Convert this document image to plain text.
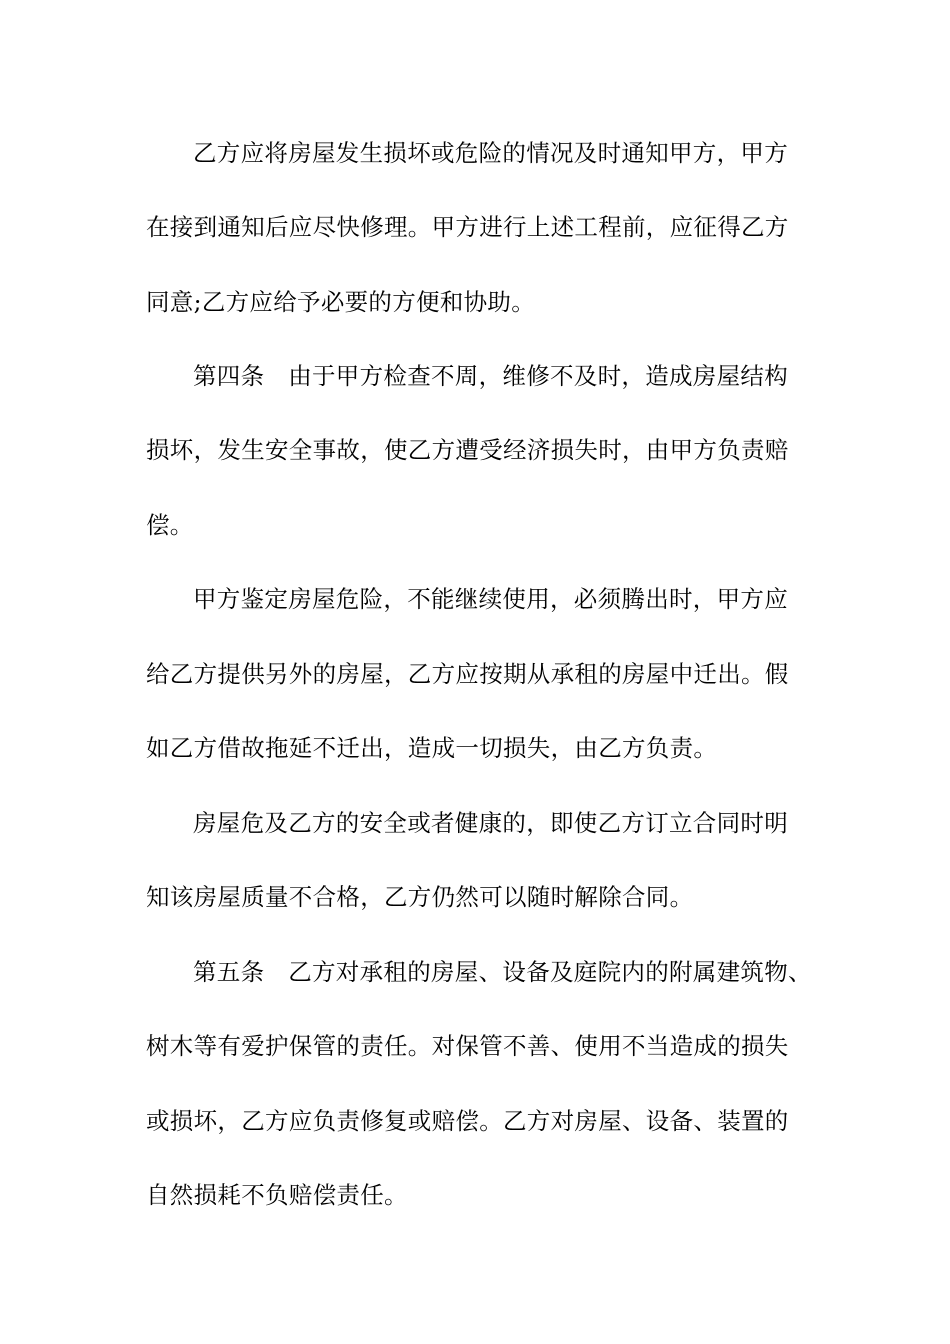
乙方应将房屋发生损坏或危险的情况及时通知甲方，甲方
在接到通知后应尽快修理。甲方进行上述工程前，应征得乙方
同意;乙方应给予必要的方便和协助。
第四条　由于甲方检查不周，维修不及时，造成房屋结构
损坏，发生安全事故，使乙方遭受经济损失时，由甲方负责赔
偿。
甲方鉴定房屋危险，不能继续使用，必须腾出时，甲方应
给乙方提供另外的房屋，乙方应按期从承租的房屋中迁出。假
如乙方借故拖延不迁出，造成一切损失，由乙方负责。
房屋危及乙方的安全或者健康的，即使乙方订立合同时明
知该房屋质量不合格，乙方仍然可以随时解除合同。
第五条　乙方对承租的房屋、设备及庭院内的附属建筑物、
树木等有爱护保管的责任。对保管不善、使用不当造成的损失
或损坏，乙方应负责修复或赔偿。乙方对房屋、设备、装置的
自然损耗不负赔偿责任。
